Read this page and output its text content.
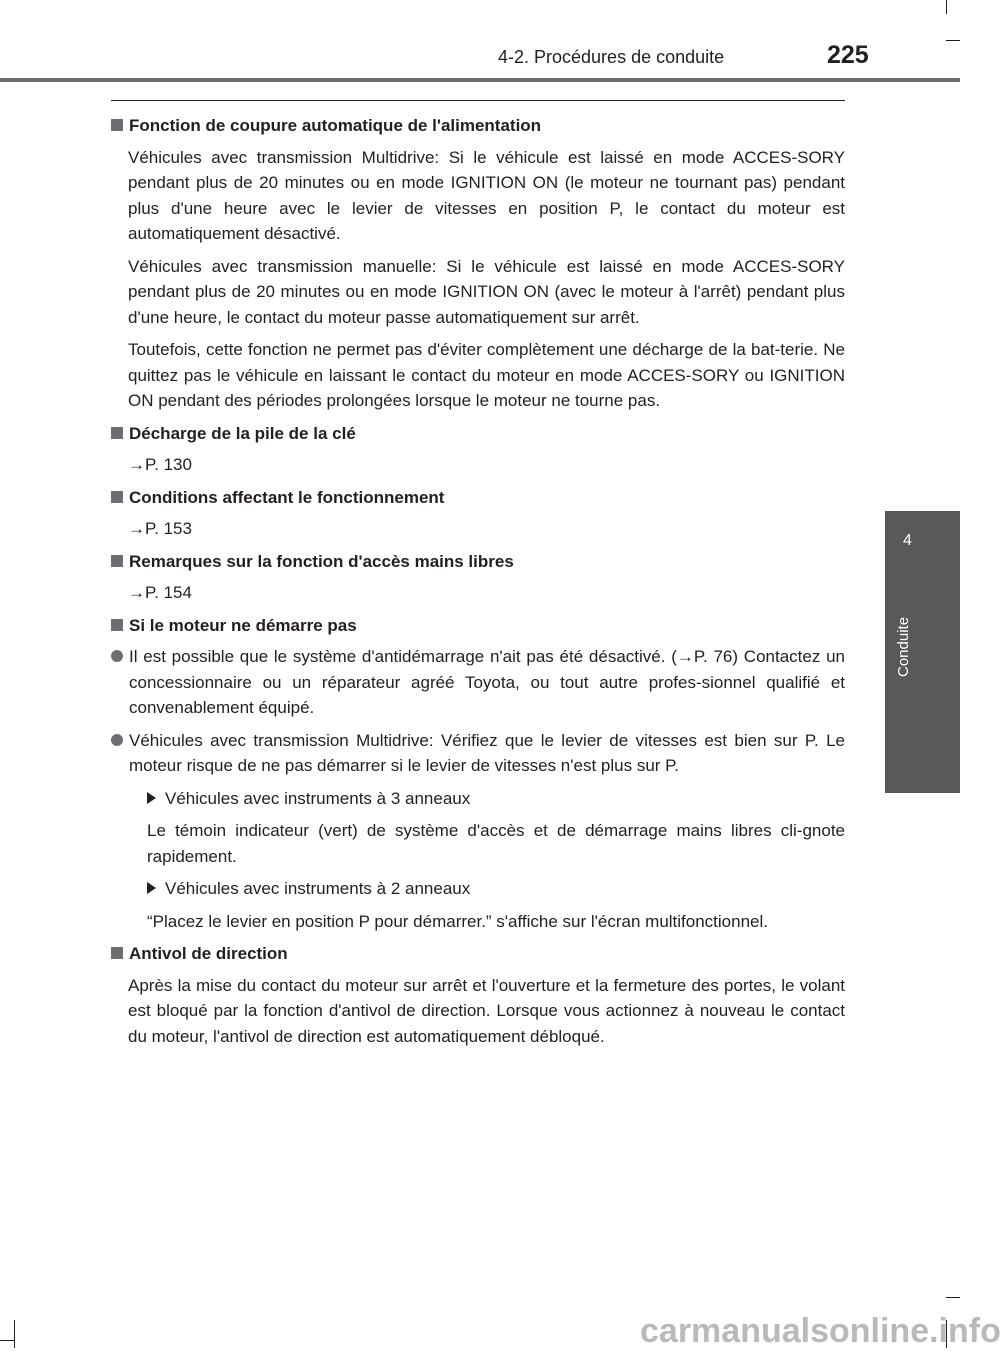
4-2. Procédures de conduite	225
4
Conduite
Fonction de coupure automatique de l'alimentation
Véhicules avec transmission Multidrive: Si le véhicule est laissé en mode ACCES-SORY pendant plus de 20 minutes ou en mode IGNITION ON (le moteur ne tournant pas) pendant plus d'une heure avec le levier de vitesses en position P, le contact du moteur est automatiquement désactivé.
Véhicules avec transmission manuelle: Si le véhicule est laissé en mode ACCES-SORY pendant plus de 20 minutes ou en mode IGNITION ON (avec le moteur à l'arrêt) pendant plus d'une heure, le contact du moteur passe automatiquement sur arrêt.
Toutefois, cette fonction ne permet pas d'éviter complètement une décharge de la bat-terie. Ne quittez pas le véhicule en laissant le contact du moteur en mode ACCES-SORY ou IGNITION ON pendant des périodes prolongées lorsque le moteur ne tourne pas.
Décharge de la pile de la clé
→P. 130
Conditions affectant le fonctionnement
→P. 153
Remarques sur la fonction d'accès mains libres
→P. 154
Si le moteur ne démarre pas
Il est possible que le système d'antidémarrage n'ait pas été désactivé. (→P. 76) Contactez un concessionnaire ou un réparateur agréé Toyota, ou tout autre profes-sionnel qualifié et convenablement équipé.
Véhicules avec transmission Multidrive: Vérifiez que le levier de vitesses est bien sur P. Le moteur risque de ne pas démarrer si le levier de vitesses n'est plus sur P.
Véhicules avec instruments à 3 anneaux
Le témoin indicateur (vert) de système d'accès et de démarrage mains libres cli-gnote rapidement.
Véhicules avec instruments à 2 anneaux
“Placez le levier en position P pour démarrer.” s'affiche sur l'écran multifonctionnel.
Antivol de direction
Après la mise du contact du moteur sur arrêt et l'ouverture et la fermeture des portes, le volant est bloqué par la fonction d'antivol de direction. Lorsque vous actionnez à nouveau le contact du moteur, l'antivol de direction est automatiquement débloqué.
carmanualsonline.info
